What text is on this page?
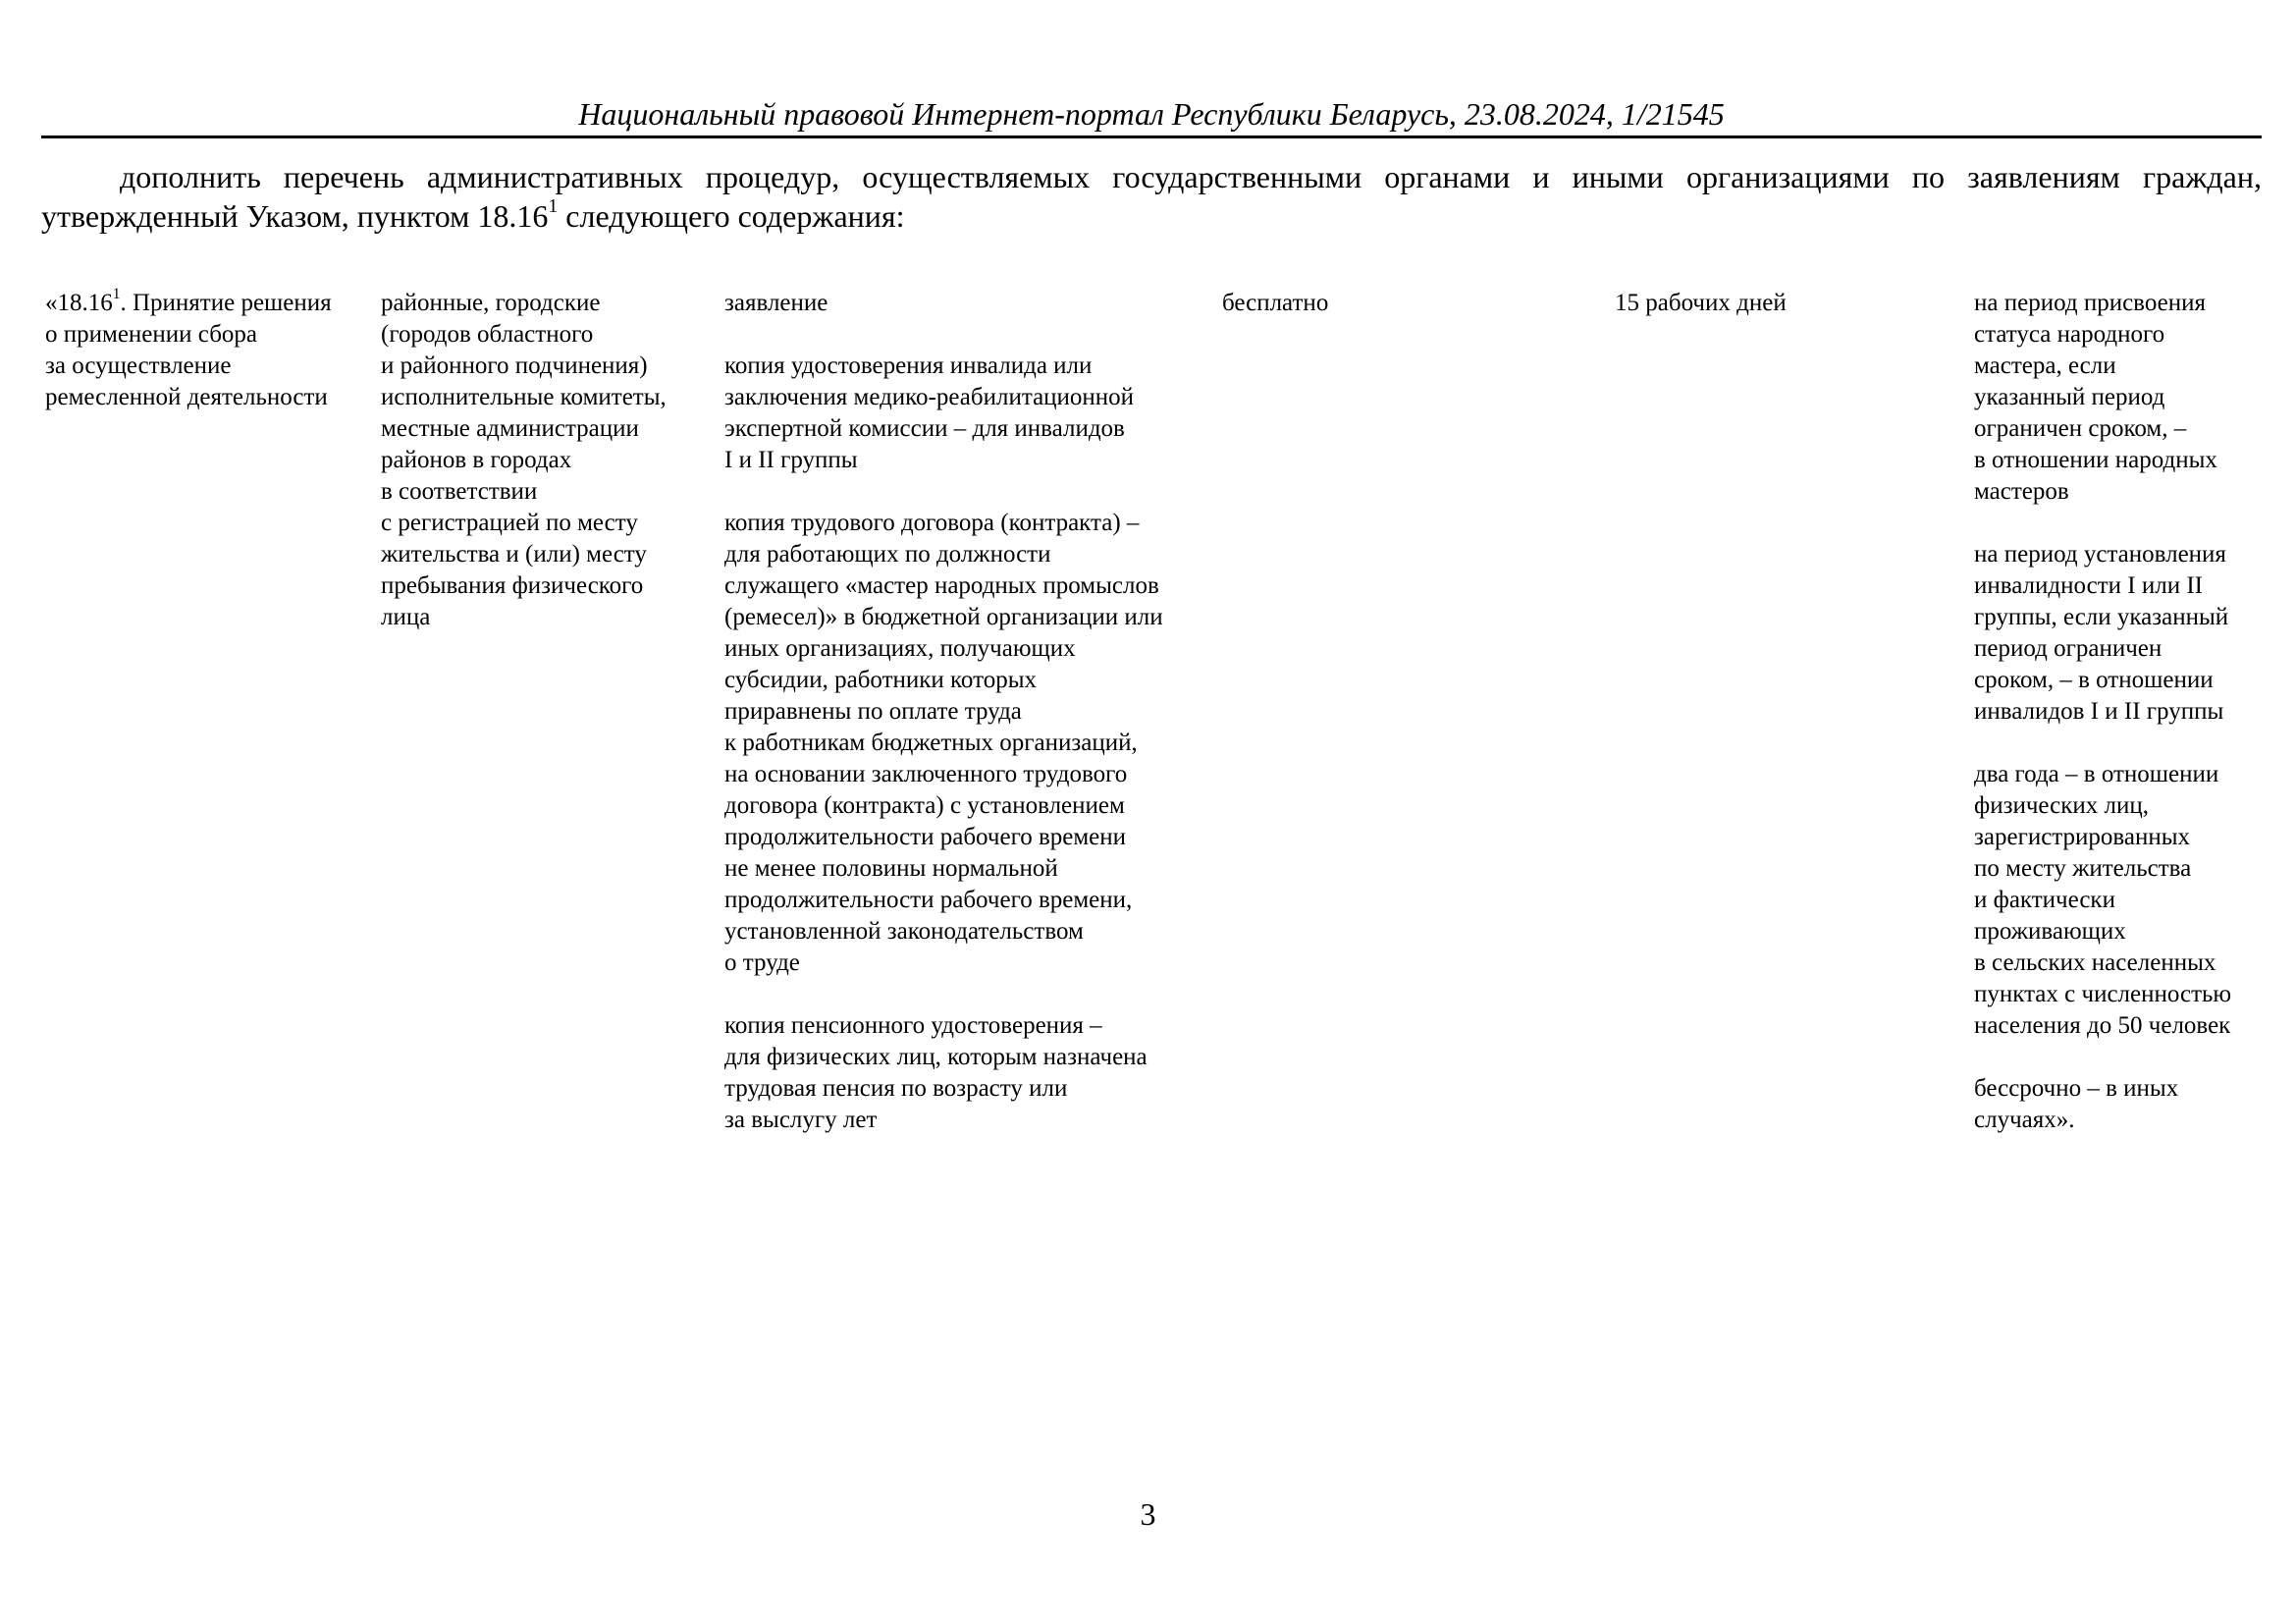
Национальный правовой Интернет-портал Республики Беларусь, 23.08.2024, 1/21545

дополнить перечень административных процедур, осуществляемых государственными органами и иными организациями по заявлениям граждан, утвержденный Указом, пунктом 18.16$^1$ следующего содержания:

«18.16$^1$. Принятие решения
о применении сбора
за осуществление
ремесленной деятельности
районные, городские
(городов областного
и районного подчинения)
исполнительные комитеты,
местные администрации
районов в городах
в соответствии
с регистрацией по месту
жительства и (или) месту
пребывания физического
лица
заявление
копия удостоверения инвалида или
заключения медико-реабилитационной
экспертной комиссии – для инвалидов
I и II группы
копия трудового договора (контракта) –
для работающих по должности
служащего «мастер народных промыслов
(ремесел)» в бюджетной организации или
иных организациях, получающих
субсидии, работники которых
приравнены по оплате труда
к работникам бюджетных организаций,
на основании заключенного трудового
договора (контракта) с установлением
продолжительности рабочего времени
не менее половины нормальной
продолжительности рабочего времени,
установленной законодательством
о труде
копия пенсионного удостоверения –
для физических лиц, которым назначена
трудовая пенсия по возрасту или
за выслугу лет
бесплатно	15 рабочих дней	на период присвоения
статуса народного
мастера, если
указанный период
ограничен сроком, –
в отношении народных
мастеров
на период установления
инвалидности I или II
группы, если указанный
период ограничен
сроком, – в отношении
инвалидов I и II группы
два года – в отношении
физических лиц,
зарегистрированных
по месту жительства
и фактически
проживающих
в сельских населенных
пунктах с численностью
населения до 50 человек
бессрочно – в иных
случаях».
3
